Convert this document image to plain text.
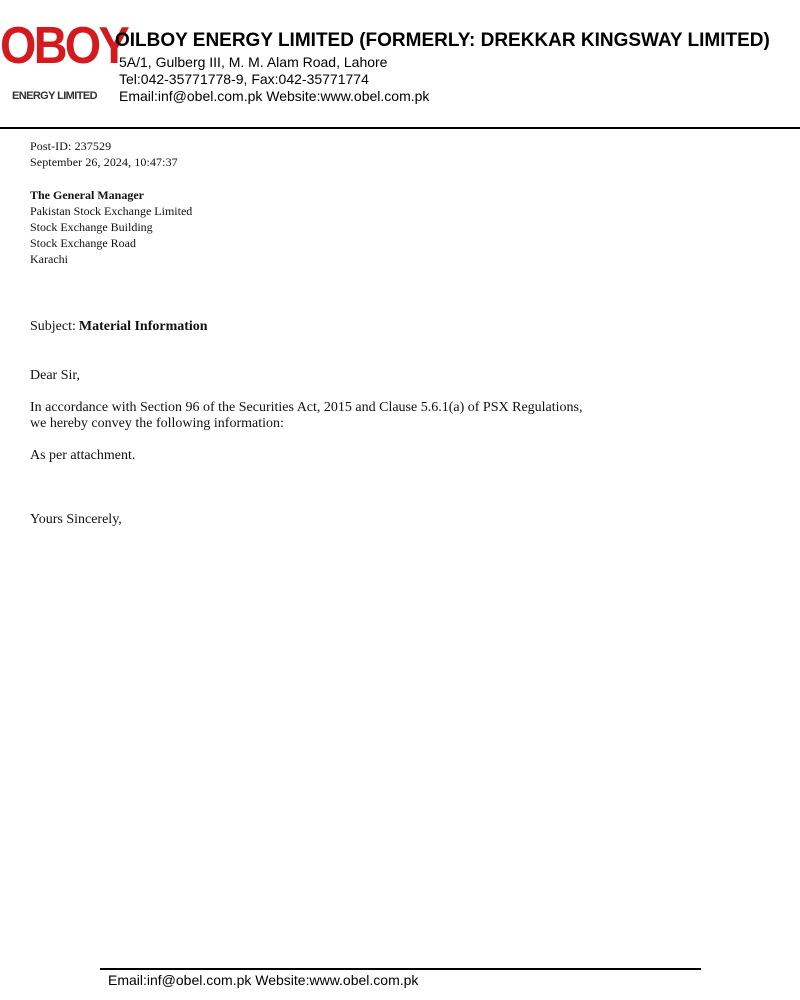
OBOY
ENERGY LIMITED
OILBOY ENERGY LIMITED (FORMERLY: DREKKAR KINGSWAY LIMITED)
5A/1, Gulberg III, M. M. Alam Road, Lahore
Tel:042-35771778-9, Fax:042-35771774
Email:inf@obel.com.pk Website:www.obel.com.pk
Post-ID: 237529
September 26, 2024, 10:47:37
The General Manager
Pakistan Stock Exchange Limited
Stock Exchange Building
Stock Exchange Road
Karachi
Subject: Material Information
Dear Sir,
In accordance with Section 96 of the Securities Act, 2015 and Clause 5.6.1(a) of PSX Regulations,
we hereby convey the following information:
As per attachment.
Yours Sincerely,
Email:inf@obel.com.pk Website:www.obel.com.pk
